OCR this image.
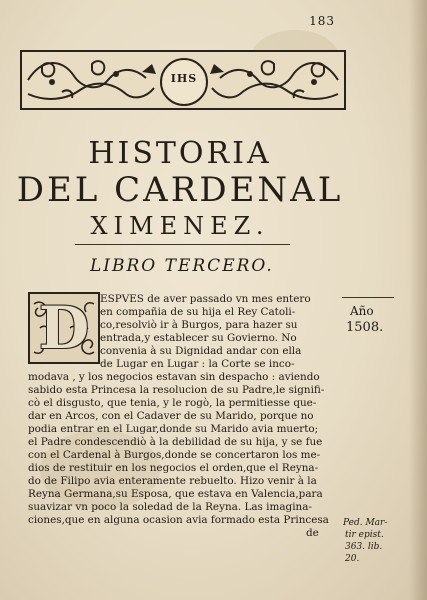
183
IHS
HISTORIA
DEL CARDENAL
XIMENEZ.
LIBRO TERCERO.
D	ESPVES de aver passado vn mes entero
en compañia de su hija el Rey Catoli-
co,resolviò ir à Burgos, para hazer su
entrada,y establecer su Govierno. No
convenia à su Dignidad andar con ella
de Lugar en Lugar : la Corte se inco-
modava , y los negocios estavan sin despacho : aviendo
sabido esta Princesa la resolucion de su Padre,le signifi-
cò el disgusto, que tenia, y le rogò, la permitiesse que-
dar en Arcos, con el Cadaver de su Marido, porque no
podia entrar en el Lugar,donde su Marido avia muerto;
el Padre condescendiò à la debilidad de su hija, y se fue
con el Cardenal à Burgos,donde se concertaron los me-
dios de restituir en los negocios el orden,que el Reyna-
do de Filipo avia enteramente rebuelto. Hizo venir à la
Reyna Germana,su Esposa, que estava en Valencia,para
suavizar vn poco la soledad de la Reyna. Las imagina-
ciones,que en alguna ocasion avia formado esta Princesa
de
Año
1508.
Ped. Mar-
tir epist.
363. lib.
20.
